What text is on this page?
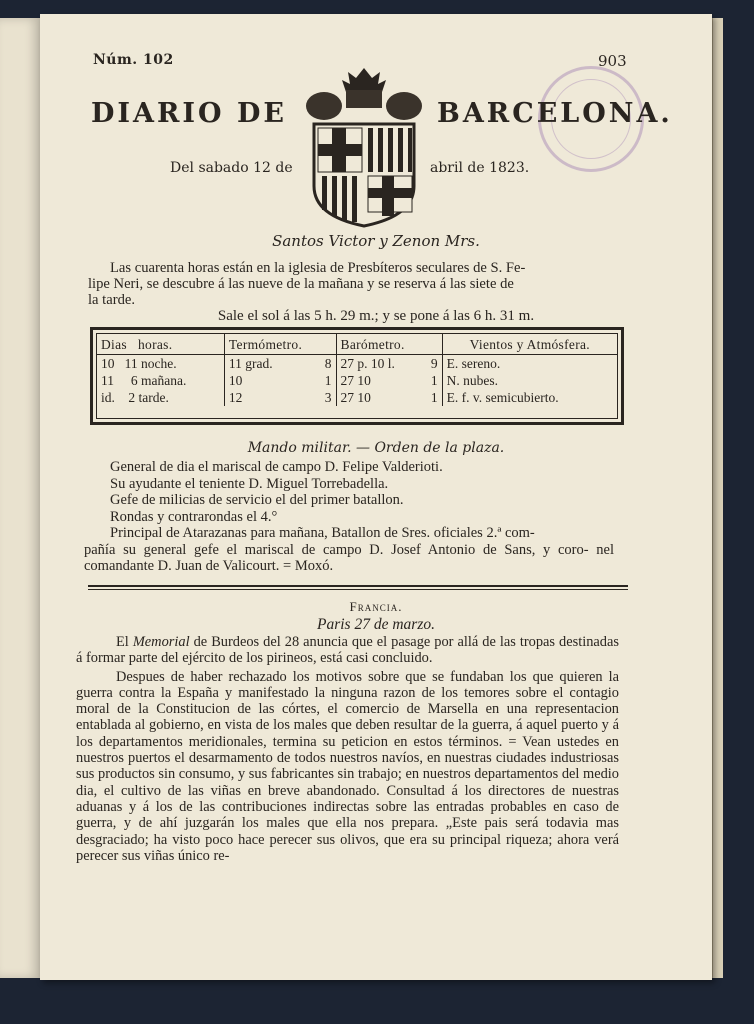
Núm. 102	903
DIARIO DE	BARCELONA.
Del sabado 12 de	abril de 1823.
Santos Victor y Zenon Mrs.
Las cuarenta horas están en la iglesia de Presbíteros seculares de S. Fe-
lipe Neri, se descubre á las nueve de la mañana y se reserva á las siete de
la tarde.
Sale el sol á las 5 h. 29 m.; y se pone á las 6 h. 31 m.
Dias horas.	Termómetro.		Barómetro.		Vientos y Atmósfera.
10 11 noche.	11 grad.	8	27 p. 10 l.	9	E. sereno.
11 6 mañana.	10	1	27 10	1	N. nubes.
id. 2 tarde.	12	3	27 10	1	E. f. v. semicubierto.
Mando militar. — Orden de la plaza.
General de dia el mariscal de campo D. Felipe Valderioti.
Su ayudante el teniente D. Miguel Torrebadella.
Gefe de milicias de servicio el del primer batallon.
Rondas y contrarondas el 4.°
Principal de Atarazanas para mañana, Batallon de Sres. oficiales 2.ª com-
pañía su general gefe el mariscal de campo D. Josef Antonio de Sans, y coro- nel comandante D. Juan de Valicourt. = Moxó.
Francia.
Paris 27 de marzo.

El Memorial de Burdeos del 28 anuncia que el pasage por allá de las tropas destinadas á formar parte del ejército de los pirineos, está casi concluido.

Despues de haber rechazado los motivos sobre que se fundaban los que quieren la guerra contra la España y manifestado la ninguna razon de los temores sobre el contagio moral de la Constitucion de las córtes, el comercio de Marsella en una representacion entablada al gobierno, en vista de los males que deben resultar de la guerra, á aquel puerto y á los departamentos meridionales, termina su peticion en estos términos. = Vean ustedes en nuestros puertos el desarmamento de todos nuestros navíos, en nuestras ciudades industriosas sus productos sin consumo, y sus fabricantes sin trabajo; en nuestros departamentos del medio dia, el cultivo de las viñas en breve abandonado. Consultad á los directores de nuestras aduanas y á los de las contribuciones indirectas sobre las entradas probables en caso de guerra, y de ahí juzgarán los males que ella nos prepara. „Este pais será todavia mas desgraciado; ha visto poco hace perecer sus olivos, que era su principal riqueza; ahora verá perecer sus viñas único re-
